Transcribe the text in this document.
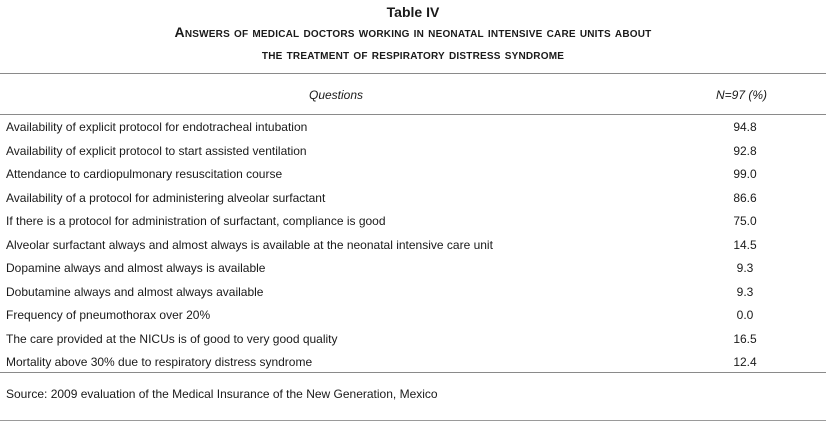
Table IV
Answers of medical doctors working in neonatal intensive care units about
the treatment of respiratory distress syndrome
Questions	N=97 (%)
Availability of explicit protocol for endotracheal intubation	94.8
Availability of explicit protocol to start assisted ventilation	92.8
Attendance to cardiopulmonary resuscitation course	99.0
Availability of a protocol for administering alveolar surfactant	86.6
If there is a protocol for administration of surfactant, compliance is good	75.0
Alveolar surfactant always and almost always is available at the neonatal intensive care unit	14.5
Dopamine always and almost always is available	9.3
Dobutamine always and almost always available	9.3
Frequency of pneumothorax over 20%	0.0
The care provided at the NICUs is of good to very good quality	16.5
Mortality above 30% due to respiratory distress syndrome	12.4
Source: 2009 evaluation of the Medical Insurance of the New Generation, Mexico
